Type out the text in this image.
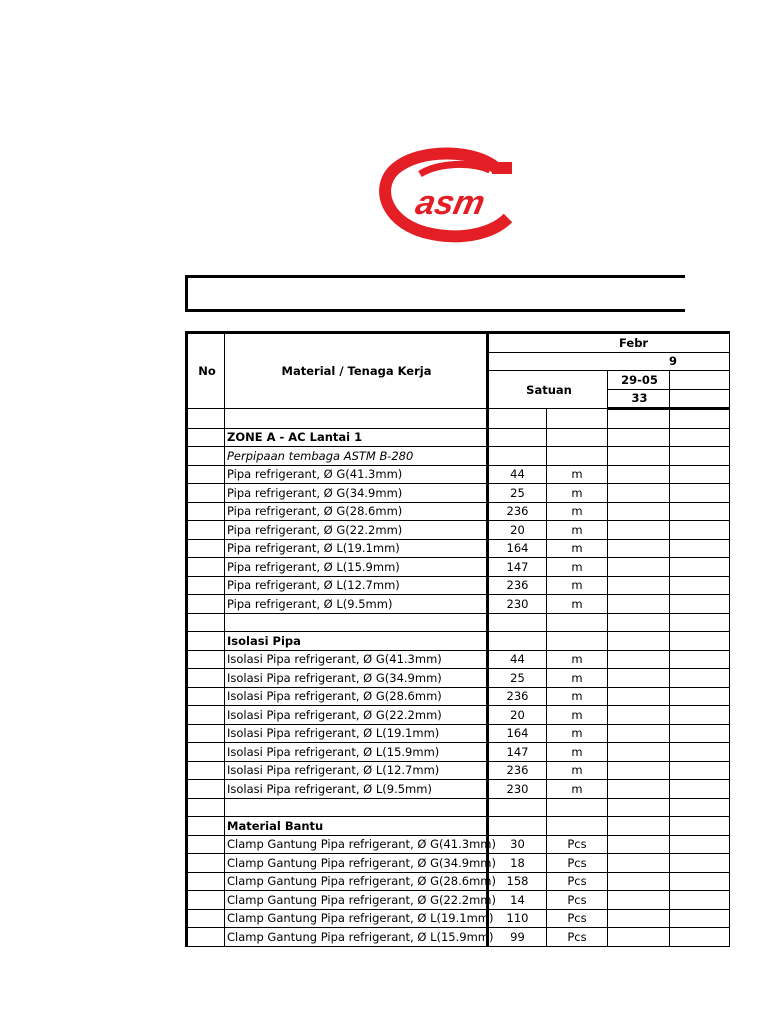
asm
No	Material / Tenaga Kerja	Febr			
		9			
		Satuan		29-05	
				33	

	ZONE A - AC Lantai 1				
	Perpipaan tembaga ASTM B-280				
	Pipa refrigerant, Ø G(41.3mm)	44	m		
	Pipa refrigerant, Ø G(34.9mm)	25	m		
	Pipa refrigerant, Ø G(28.6mm)	236	m		
	Pipa refrigerant, Ø G(22.2mm)	20	m		
	Pipa refrigerant, Ø L(19.1mm)	164	m		
	Pipa refrigerant, Ø L(15.9mm)	147	m		
	Pipa refrigerant, Ø L(12.7mm)	236	m		
	Pipa refrigerant, Ø L(9.5mm)	230	m		

	Isolasi Pipa				
	Isolasi Pipa refrigerant, Ø G(41.3mm)	44	m		
	Isolasi Pipa refrigerant, Ø G(34.9mm)	25	m		
	Isolasi Pipa refrigerant, Ø G(28.6mm)	236	m		
	Isolasi Pipa refrigerant, Ø G(22.2mm)	20	m		
	Isolasi Pipa refrigerant, Ø L(19.1mm)	164	m		
	Isolasi Pipa refrigerant, Ø L(15.9mm)	147	m		
	Isolasi Pipa refrigerant, Ø L(12.7mm)	236	m		
	Isolasi Pipa refrigerant, Ø L(9.5mm)	230	m		

	Material Bantu				
	Clamp Gantung Pipa refrigerant, Ø G(41.3mm)	30	Pcs		
	Clamp Gantung Pipa refrigerant, Ø G(34.9mm)	18	Pcs		
	Clamp Gantung Pipa refrigerant, Ø G(28.6mm)	158	Pcs		
	Clamp Gantung Pipa refrigerant, Ø G(22.2mm)	14	Pcs		
	Clamp Gantung Pipa refrigerant, Ø L(19.1mm)	110	Pcs		
	Clamp Gantung Pipa refrigerant, Ø L(15.9mm)	99	Pcs		
